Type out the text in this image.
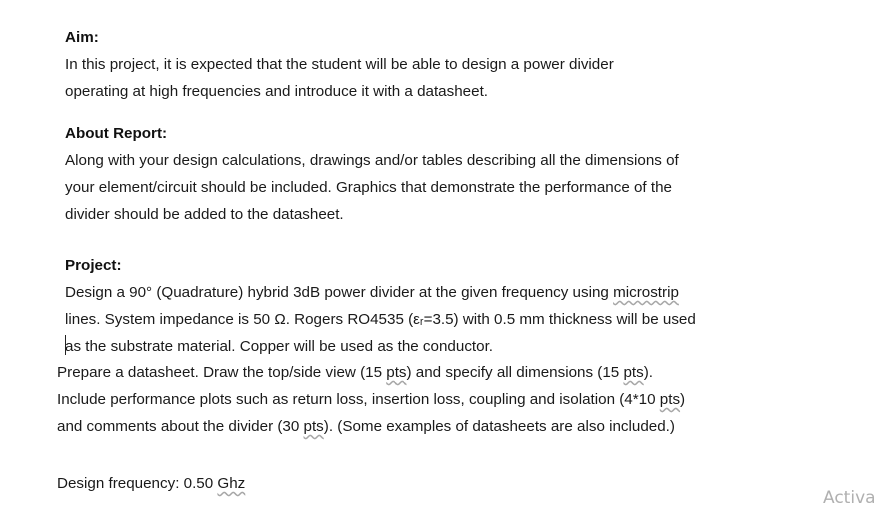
Aim:
In this project, it is expected that the student will be able to design a power divider
operating at high frequencies and introduce it with a datasheet.
About Report:
Along with your design calculations, drawings and/or tables describing all the dimensions of
your element/circuit should be included. Graphics that demonstrate the performance of the
divider should be added to the datasheet.
Project:
Design a 90° (Quadrature) hybrid 3dB power divider at the given frequency using microstrip
lines. System impedance is 50 Ω. Rogers RO4535 (εᵣ=3.5) with 0.5 mm thickness will be used
as the substrate material. Copper will be used as the conductor.
Prepare a datasheet. Draw the top/side view (15 pts) and specify all dimensions (15 pts).
Include performance plots such as return loss, insertion loss, coupling and isolation (4*10 pts)
and comments about the divider (30 pts). (Some examples of datasheets are also included.)
Design frequency: 0.50 Ghz
Activa
